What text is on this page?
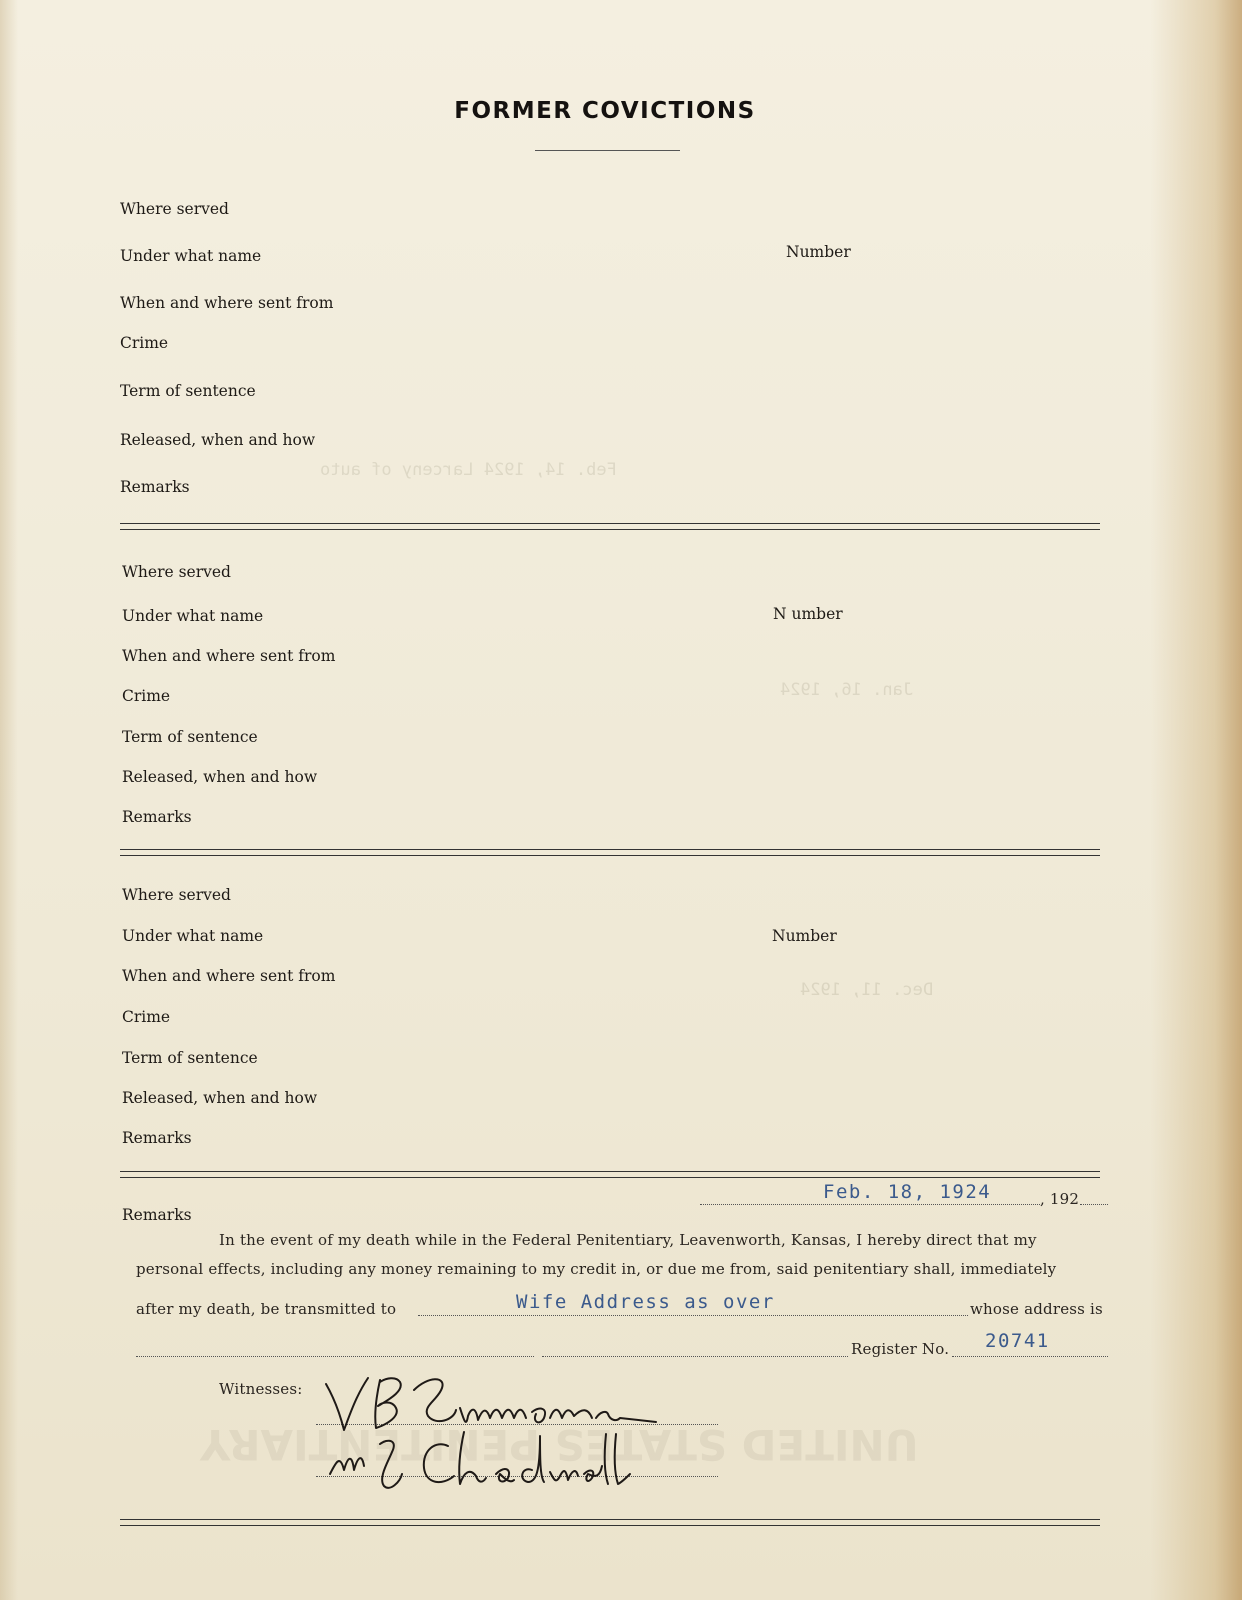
Feb. 14, 1924 Larceny of auto
Jan. 16, 1924
Dec. 11, 1924
UNITED STATES PENITENTIARY
FORMER COVICTIONS
Where served
Under what name	Number
When and where sent from
Crime
Term of sentence
Released, when and how
Remarks
Where served
Under what name	N umber
When and where sent from
Crime
Term of sentence
Released, when and how
Remarks
Where served
Under what name	Number
When and where sent from
Crime
Term of sentence
Released, when and how
Remarks
Remarks
Feb. 18, 1924	, 192
In the event of my death while in the Federal Penitentiary, Leavenworth, Kansas, I hereby direct that my
personal effects, including any money remaining to my credit in, or due me from, said penitentiary shall, immediately
after my death, be transmitted to	Wife Address as over	whose address is
Register No. 20741
Witnesses:
